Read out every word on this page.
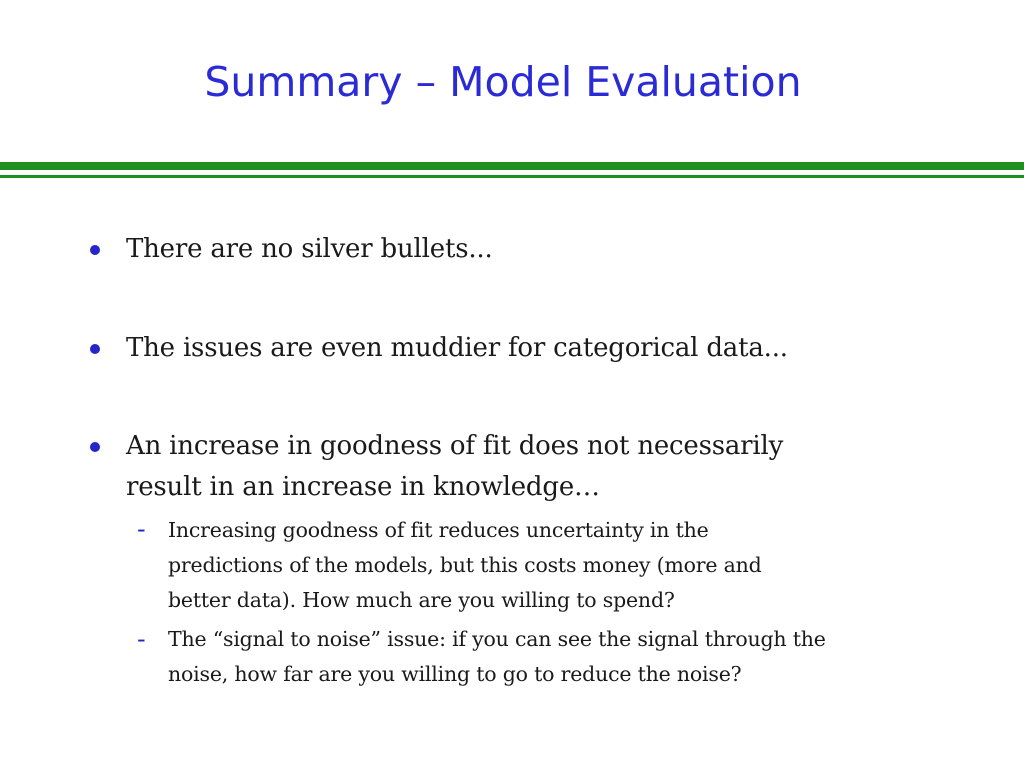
Summary – Model Evaluation
There are no silver bullets...
The issues are even muddier for categorical data...
An increase in goodness of fit does not necessarily
result in an increase in knowledge…
- Increasing goodness of fit reduces uncertainty in the
predictions of the models, but this costs money (more and
better data). How much are you willing to spend?
- The “signal to noise” issue: if you can see the signal through the
noise, how far are you willing to go to reduce the noise?
